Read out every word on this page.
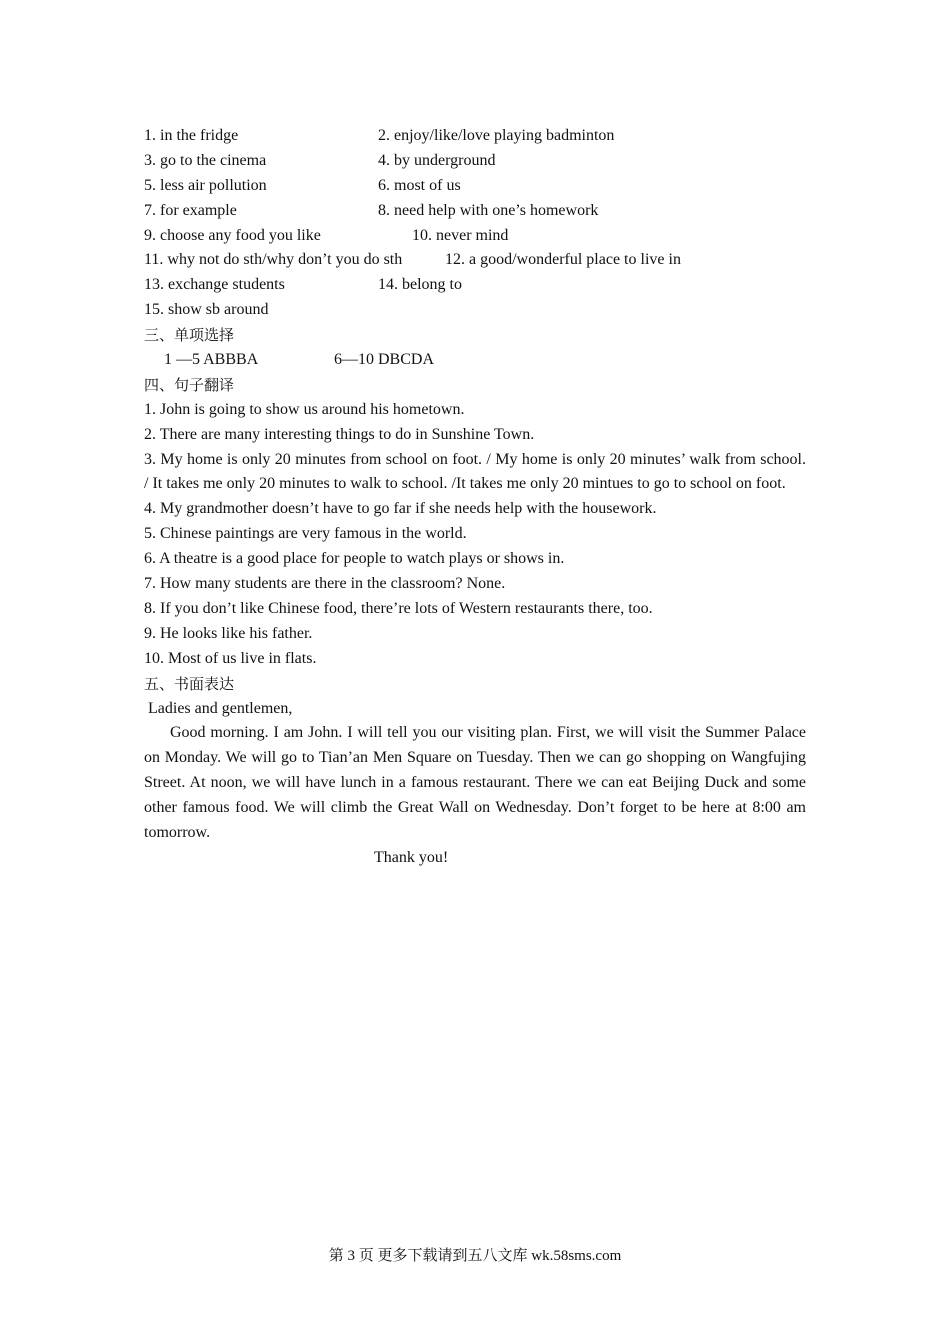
1. in the fridge	2. enjoy/like/love playing badminton
3. go to the cinema	4. by underground
5. less air pollution	6. most of us
7. for example	8. need help with one’s homework
9. choose any food you like	10. never mind
11. why not do sth/why don’t you do sth	12. a good/wonderful place to live in
13. exchange students	14. belong to
15. show sb around
三、单项选择
1 —5 ABBBA	6—10 DBCDA
四、句子翻译
1. John is going to show us around his hometown.
2. There are many interesting things to do in Sunshine Town.
3. My home is only 20 minutes from school on foot. / My home is only 20 minutes’ walk from school. / It takes me only 20 minutes to walk to school. /It takes me only 20 mintues to go to school on foot.
4. My grandmother doesn’t have to go far if she needs help with the housework.
5. Chinese paintings are very famous in the world.
6. A theatre is a good place for people to watch plays or shows in.
7. How many students are there in the classroom? None.
8. If you don’t like Chinese food, there’re lots of Western restaurants there, too.
9. He looks like his father.
10. Most of us live in flats.
五、书面表达
Ladies and gentlemen,
Good morning. I am John. I will tell you our visiting plan. First, we will visit the Summer Palace on Monday. We will go to Tian’an Men Square on Tuesday. Then we can go shopping on Wangfujing Street. At noon, we will have lunch in a famous restaurant. There we can eat Beijing Duck and some other famous food. We will climb the Great Wall on Wednesday. Don’t forget to be here at 8:00 am tomorrow.
Thank you!
第 3 页 更多下载请到五八文库 wk.58sms.com
